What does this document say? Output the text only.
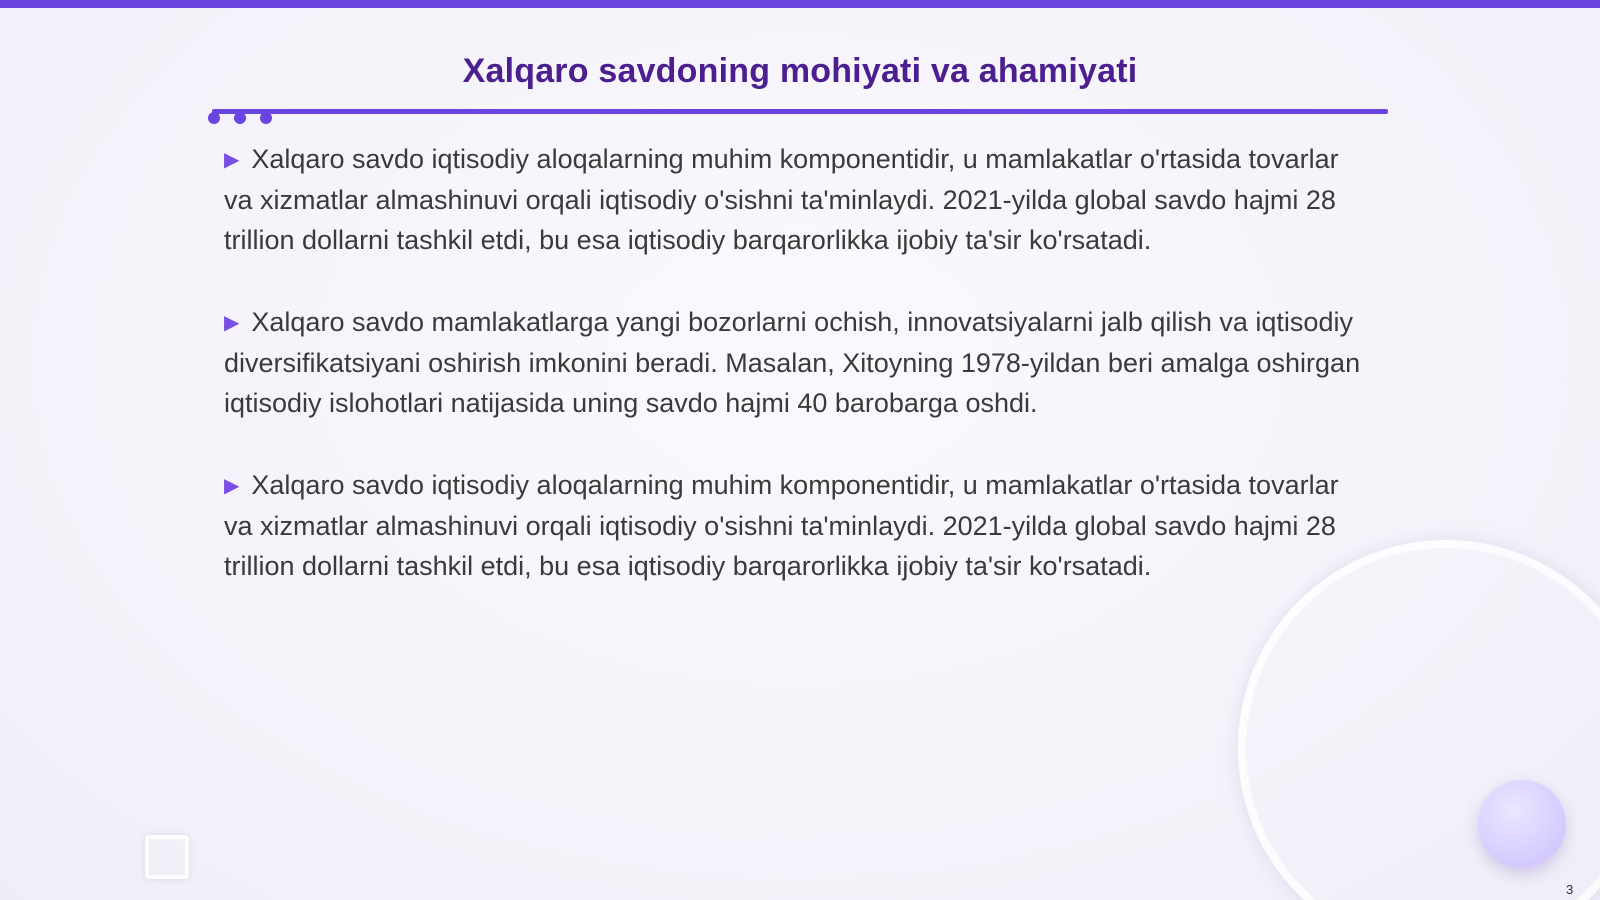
Xalqaro savdoning mohiyati va ahamiyati

▶ Xalqaro savdo iqtisodiy aloqalarning muhim komponentidir, u mamlakatlar o'rtasida tovarlar va xizmatlar almashinuvi orqali iqtisodiy o'sishni ta'minlaydi. 2021-yilda global savdo hajmi 28 trillion dollarni tashkil etdi, bu esa iqtisodiy barqarorlikka ijobiy ta'sir ko'rsatadi.

▶ Xalqaro savdo mamlakatlarga yangi bozorlarni ochish, innovatsiyalarni jalb qilish va iqtisodiy diversifikatsiyani oshirish imkonini beradi. Masalan, Xitoyning 1978-yildan beri amalga oshirgan iqtisodiy islohotlari natijasida uning savdo hajmi 40 barobarga oshdi.

▶ Xalqaro savdo iqtisodiy aloqalarning muhim komponentidir, u mamlakatlar o'rtasida tovarlar va xizmatlar almashinuvi orqali iqtisodiy o'sishni ta'minlaydi. 2021-yilda global savdo hajmi 28 trillion dollarni tashkil etdi, bu esa iqtisodiy barqarorlikka ijobiy ta'sir ko'rsatadi.

3
